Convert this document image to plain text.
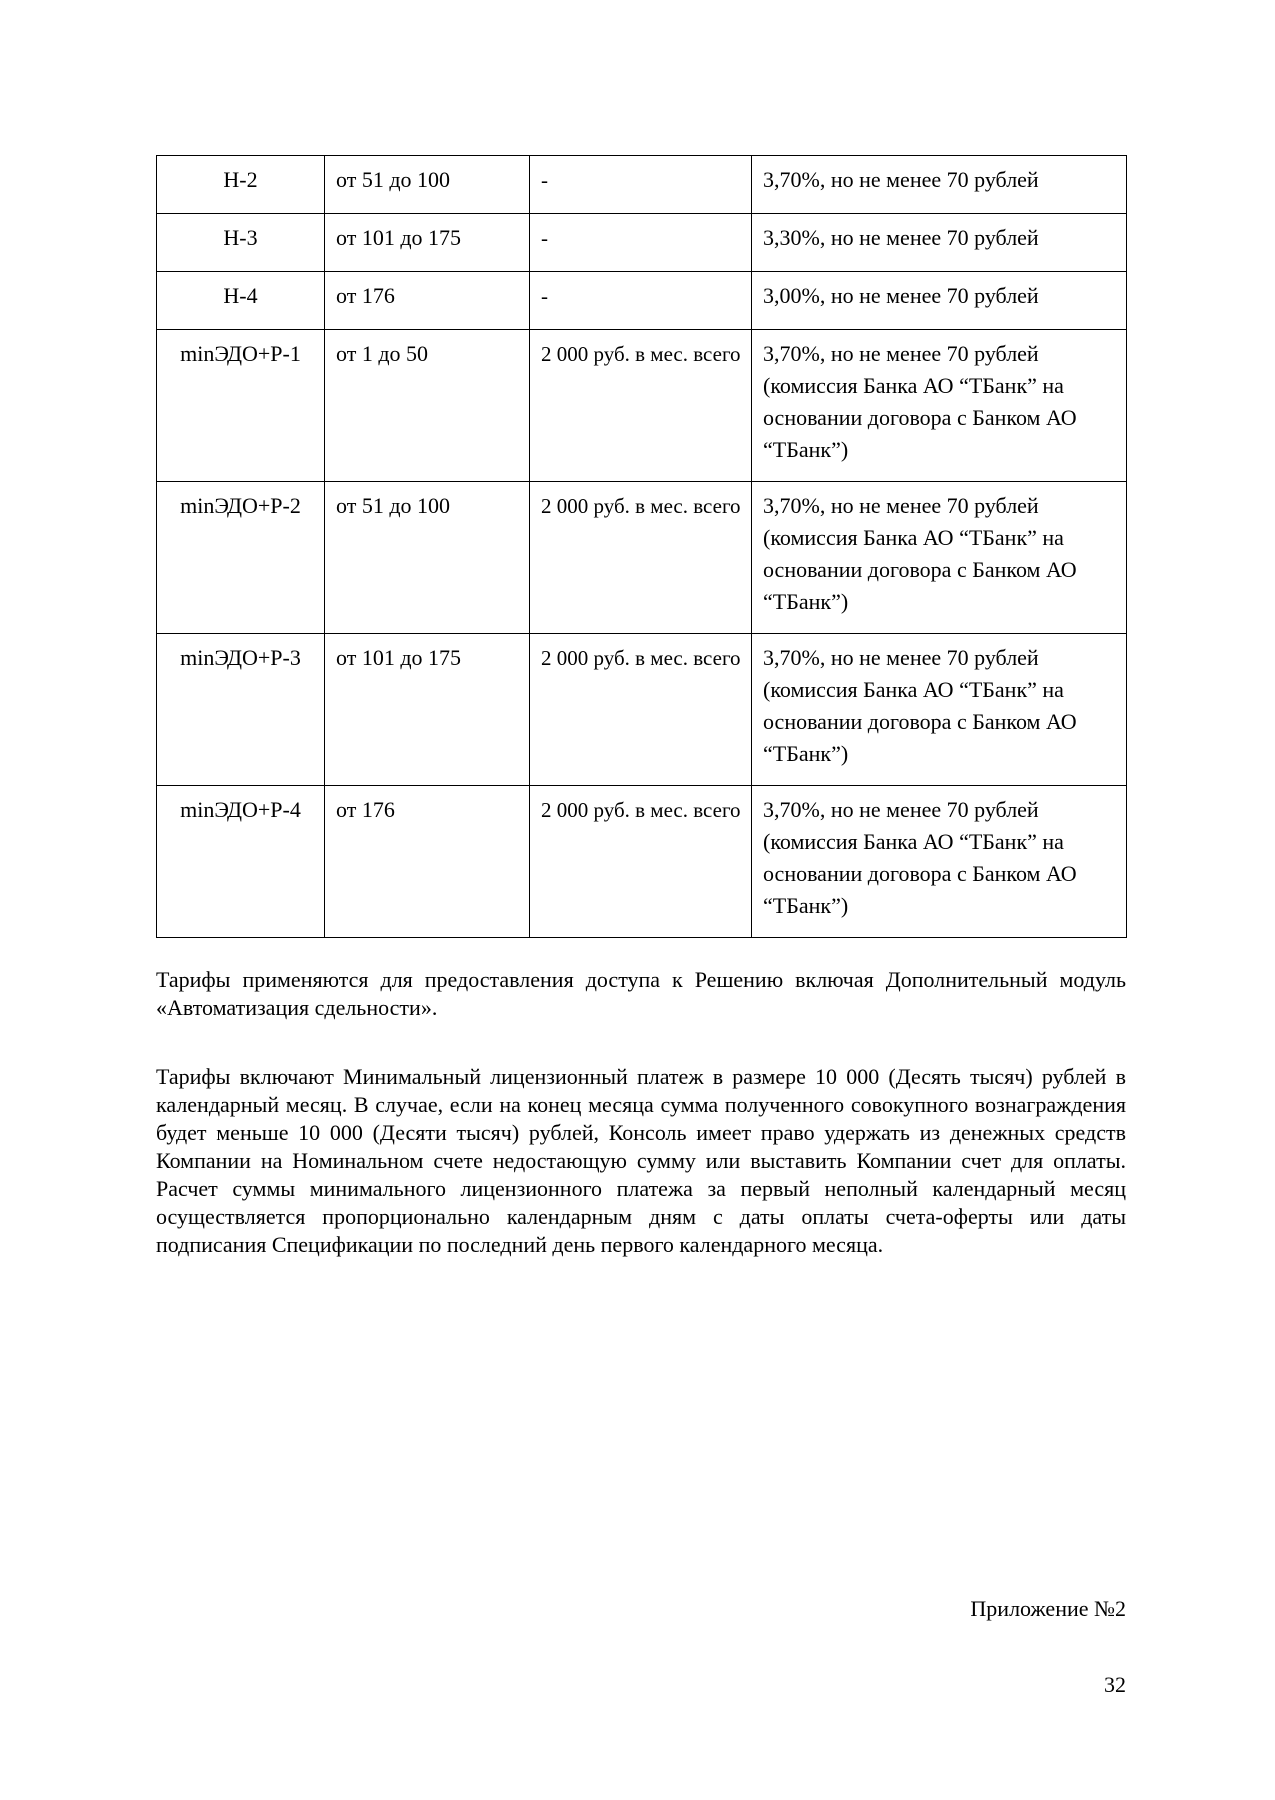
Н-2	от 51 до 100	-	3,70%, но не менее 70 рублей
Н-3	от 101 до 175	-	3,30%, но не менее 70 рублей
Н-4	от 176	-	3,00%, но не менее 70 рублей
minЭДО+Р-1	от 1 до 50	2 000 руб. в мес. всего	3,70%, но не менее 70 рублей (комиссия Банка АО “ТБанк” на основании договора с Банком АО “ТБанк”)
minЭДО+Р-2	от 51 до 100	2 000 руб. в мес. всего	3,70%, но не менее 70 рублей (комиссия Банка АО “ТБанк” на основании договора с Банком АО “ТБанк”)
minЭДО+Р-3	от 101 до 175	2 000 руб. в мес. всего	3,70%, но не менее 70 рублей (комиссия Банка АО “ТБанк” на основании договора с Банком АО “ТБанк”)
minЭДО+Р-4	от 176	2 000 руб. в мес. всего	3,70%, но не менее 70 рублей (комиссия Банка АО “ТБанк” на основании договора с Банком АО “ТБанк”)

Тарифы применяются для предоставления доступа к Решению включая Дополнительный модуль «Автоматизация сдельности».

Тарифы включают Минимальный лицензионный платеж в размере 10 000 (Десять тысяч) рублей в календарный месяц. В случае, если на конец месяца сумма полученного совокупного вознаграждения будет меньше 10 000 (Десяти тысяч) рублей, Консоль имеет право удержать из денежных средств Компании на Номинальном счете недостающую сумму или выставить Компании счет для оплаты. Расчет суммы минимального лицензионного платежа за первый неполный календарный месяц осуществляется пропорционально календарным дням с даты оплаты счета-оферты или даты подписания Спецификации по последний день первого календарного месяца.

Приложение №2

32
